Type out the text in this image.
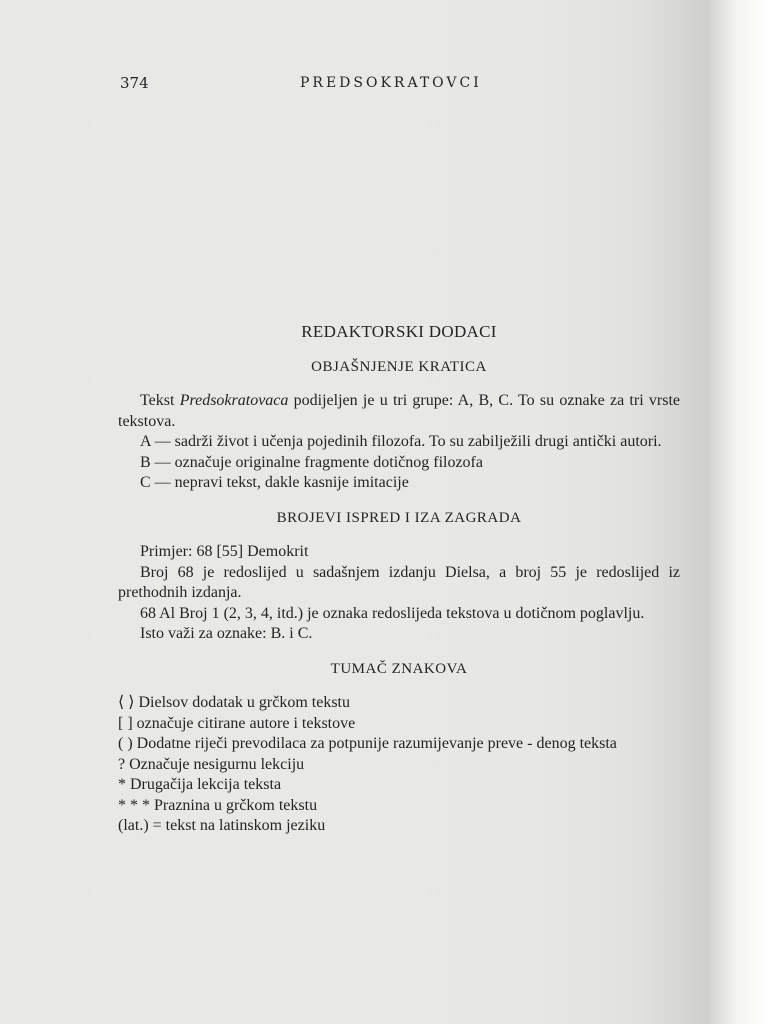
374	PREDSOKRATOVCI
REDAKTORSKI DODACI
OBJAŠNJENJE KRATICA

Tekst Predsokratovaca podijeljen je u tri grupe: A, B, C. To su oznake za tri vrste tekstova.

A — sadrži život i učenja pojedinih filozofa. To su zabilježili drugi antički autori.

B — označuje originalne fragmente dotičnog filozofa

C — nepravi tekst, dakle kasnije imitacije

BROJEVI ISPRED I IZA ZAGRADA

Primjer: 68 [55] Demokrit

Broj 68 je redoslijed u sadašnjem izdanju Dielsa, a broj 55 je redoslijed iz prethodnih izdanja.

68 Al Broj 1 (2, 3, 4, itd.) je oznaka redoslijeda tekstova u dotičnom poglavlju.

Isto važi za oznake: B. i C.

TUMAČ ZNAKOVA

⟨ ⟩ Dielsov dodatak u grčkom tekstu

[ ] označuje citirane autore i tekstove

( ) Dodatne riječi prevodilaca za potpunije razumijevanje preve - denog teksta

? Označuje nesigurnu lekciju

* Drugačija lekcija teksta

* * * Praznina u grčkom tekstu

(lat.) = tekst na latinskom jeziku
